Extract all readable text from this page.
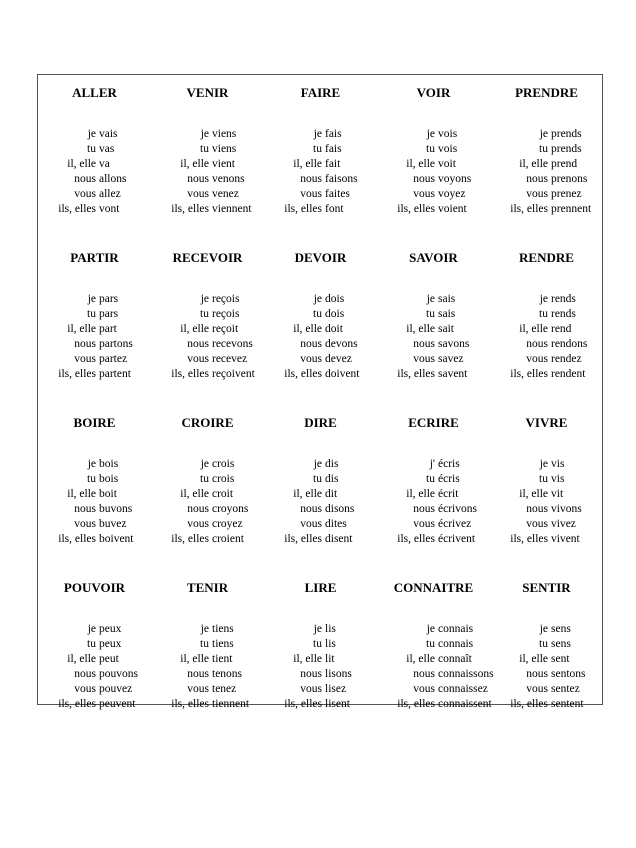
ALLER
je vais
tu vas
il, elle va
nous allons
vous allez
ils, elles vont
VENIR
je viens
tu viens
il, elle vient
nous venons
vous venez
ils, elles viennent
FAIRE
je fais
tu fais
il, elle fait
nous faisons
vous faites
ils, elles font
VOIR
je vois
tu vois
il, elle voit
nous voyons
vous voyez
ils, elles voient
PRENDRE
je prends
tu prends
il, elle prend
nous prenons
vous prenez
ils, elles prennent
PARTIR
je pars
tu pars
il, elle part
nous partons
vous partez
ils, elles partent
RECEVOIR
je reçois
tu reçois
il, elle reçoit
nous recevons
vous recevez
ils, elles reçoivent
DEVOIR
je dois
tu dois
il, elle doit
nous devons
vous devez
ils, elles doivent
SAVOIR
je sais
tu sais
il, elle sait
nous savons
vous savez
ils, elles savent
RENDRE
je rends
tu rends
il, elle rend
nous rendons
vous rendez
ils, elles rendent
BOIRE
je bois
tu bois
il, elle boit
nous buvons
vous buvez
ils, elles boivent
CROIRE
je crois
tu crois
il, elle croit
nous croyons
vous croyez
ils, elles croient
DIRE
je dis
tu dis
il, elle dit
nous disons
vous dites
ils, elles disent
ECRIRE
j' écris
tu écris
il, elle écrit
nous écrivons
vous écrivez
ils, elles écrivent
VIVRE
je vis
tu vis
il, elle vit
nous vivons
vous vivez
ils, elles vivent
POUVOIR
je peux
tu peux
il, elle peut
nous pouvons
vous pouvez
ils, elles peuvent
TENIR
je tiens
tu tiens
il, elle tient
nous tenons
vous tenez
ils, elles tiennent
LIRE
je lis
tu lis
il, elle lit
nous lisons
vous lisez
ils, elles lisent
CONNAITRE
je connais
tu connais
il, elle connaît
nous connaissons
vous connaissez
ils, elles connaissent
SENTIR
je sens
tu sens
il, elle sent
nous sentons
vous sentez
ils, elles sentent
